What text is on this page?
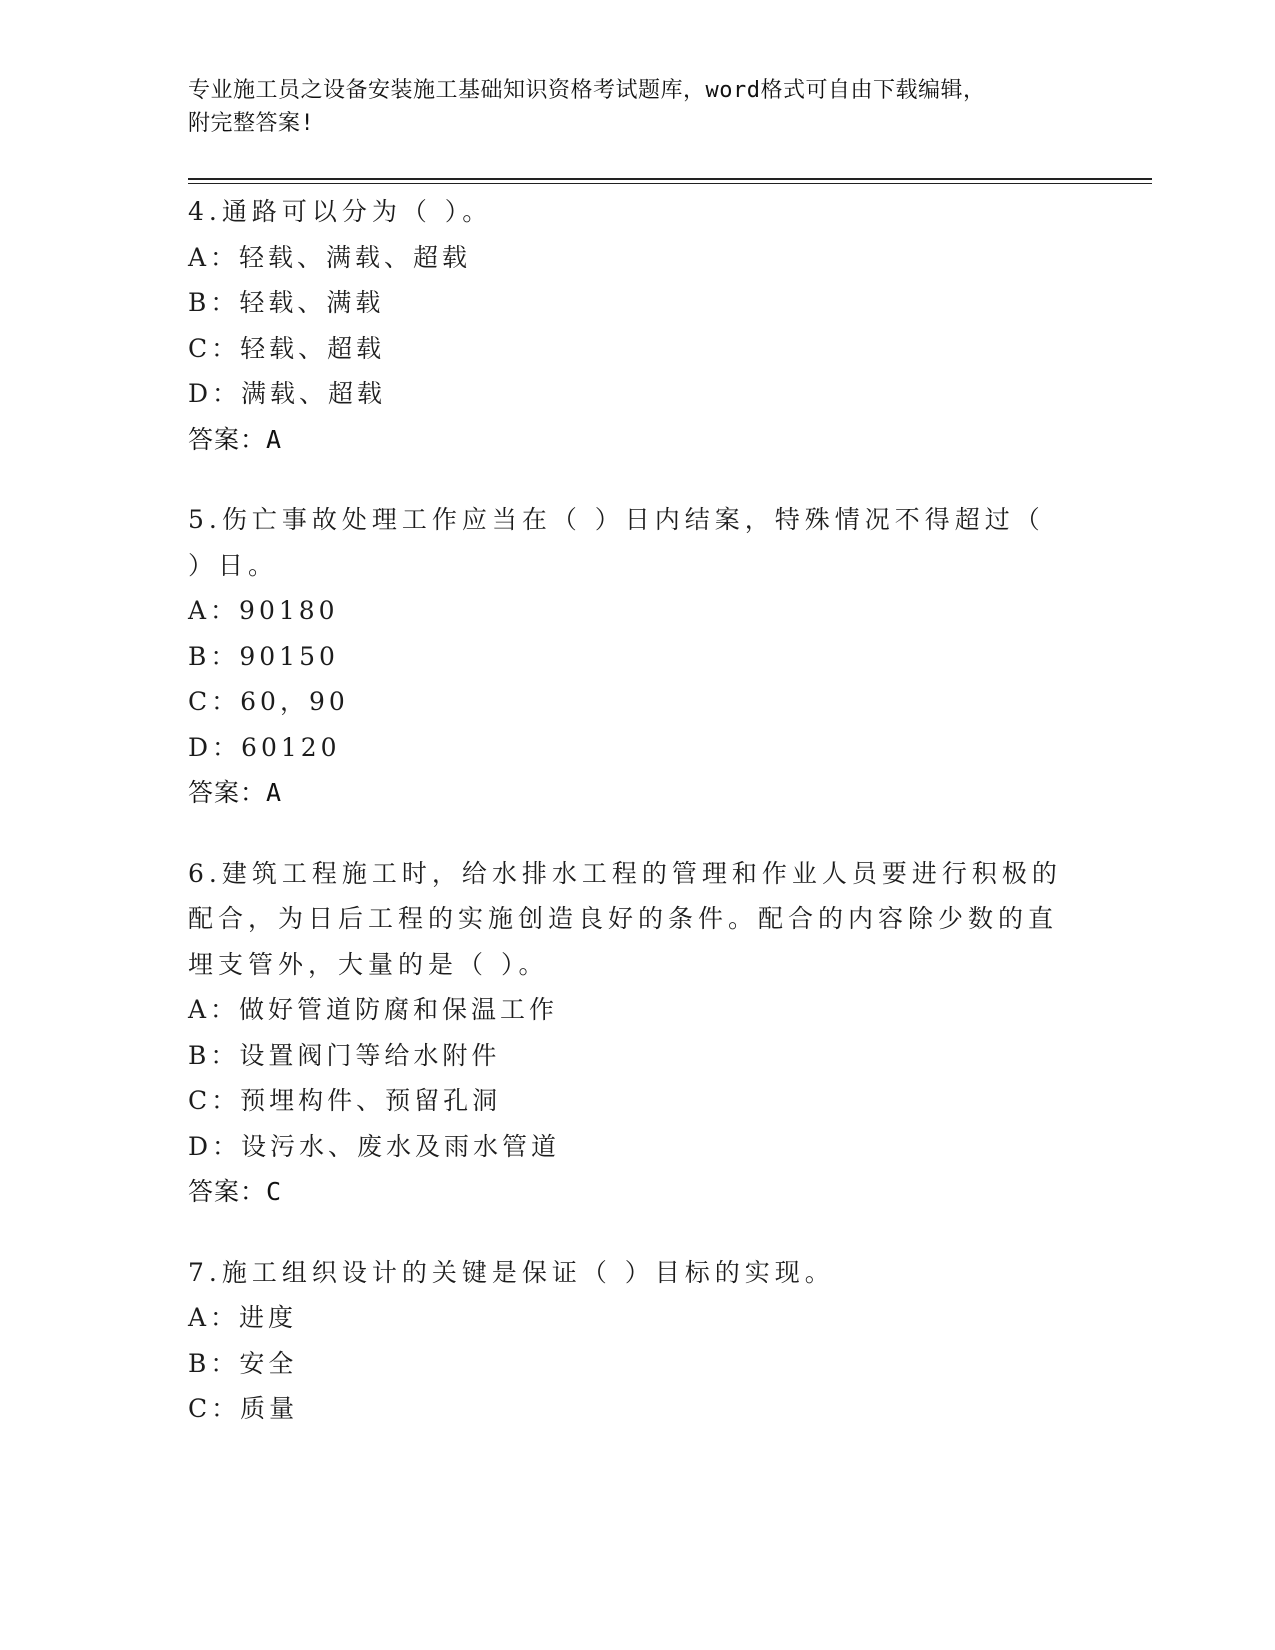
专业施工员之设备安装施工基础知识资格考试题库，word格式可自由下载编辑，
附完整答案!

4.通路可以分为（ ）。

A：轻载、满载、超载
B：轻载、满载
C：轻载、超载
D：满载、超载
答案：A

5.伤亡事故处理工作应当在（ ）日内结案，特殊情况不得超过（ ）日。

A：90180
B：90150
C：60，90
D：60120
答案：A

6.建筑工程施工时，给水排水工程的管理和作业人员要进行积极的配合，为日后工程的实施创造良好的条件。配合的内容除少数的直埋支管外，大量的是（ ）。

A：做好管道防腐和保温工作
B：设置阀门等给水附件
C：预埋构件、预留孔洞
D：设污水、废水及雨水管道
答案：C

7.施工组织设计的关键是保证（ ）目标的实现。

A：进度
B：安全
C：质量
